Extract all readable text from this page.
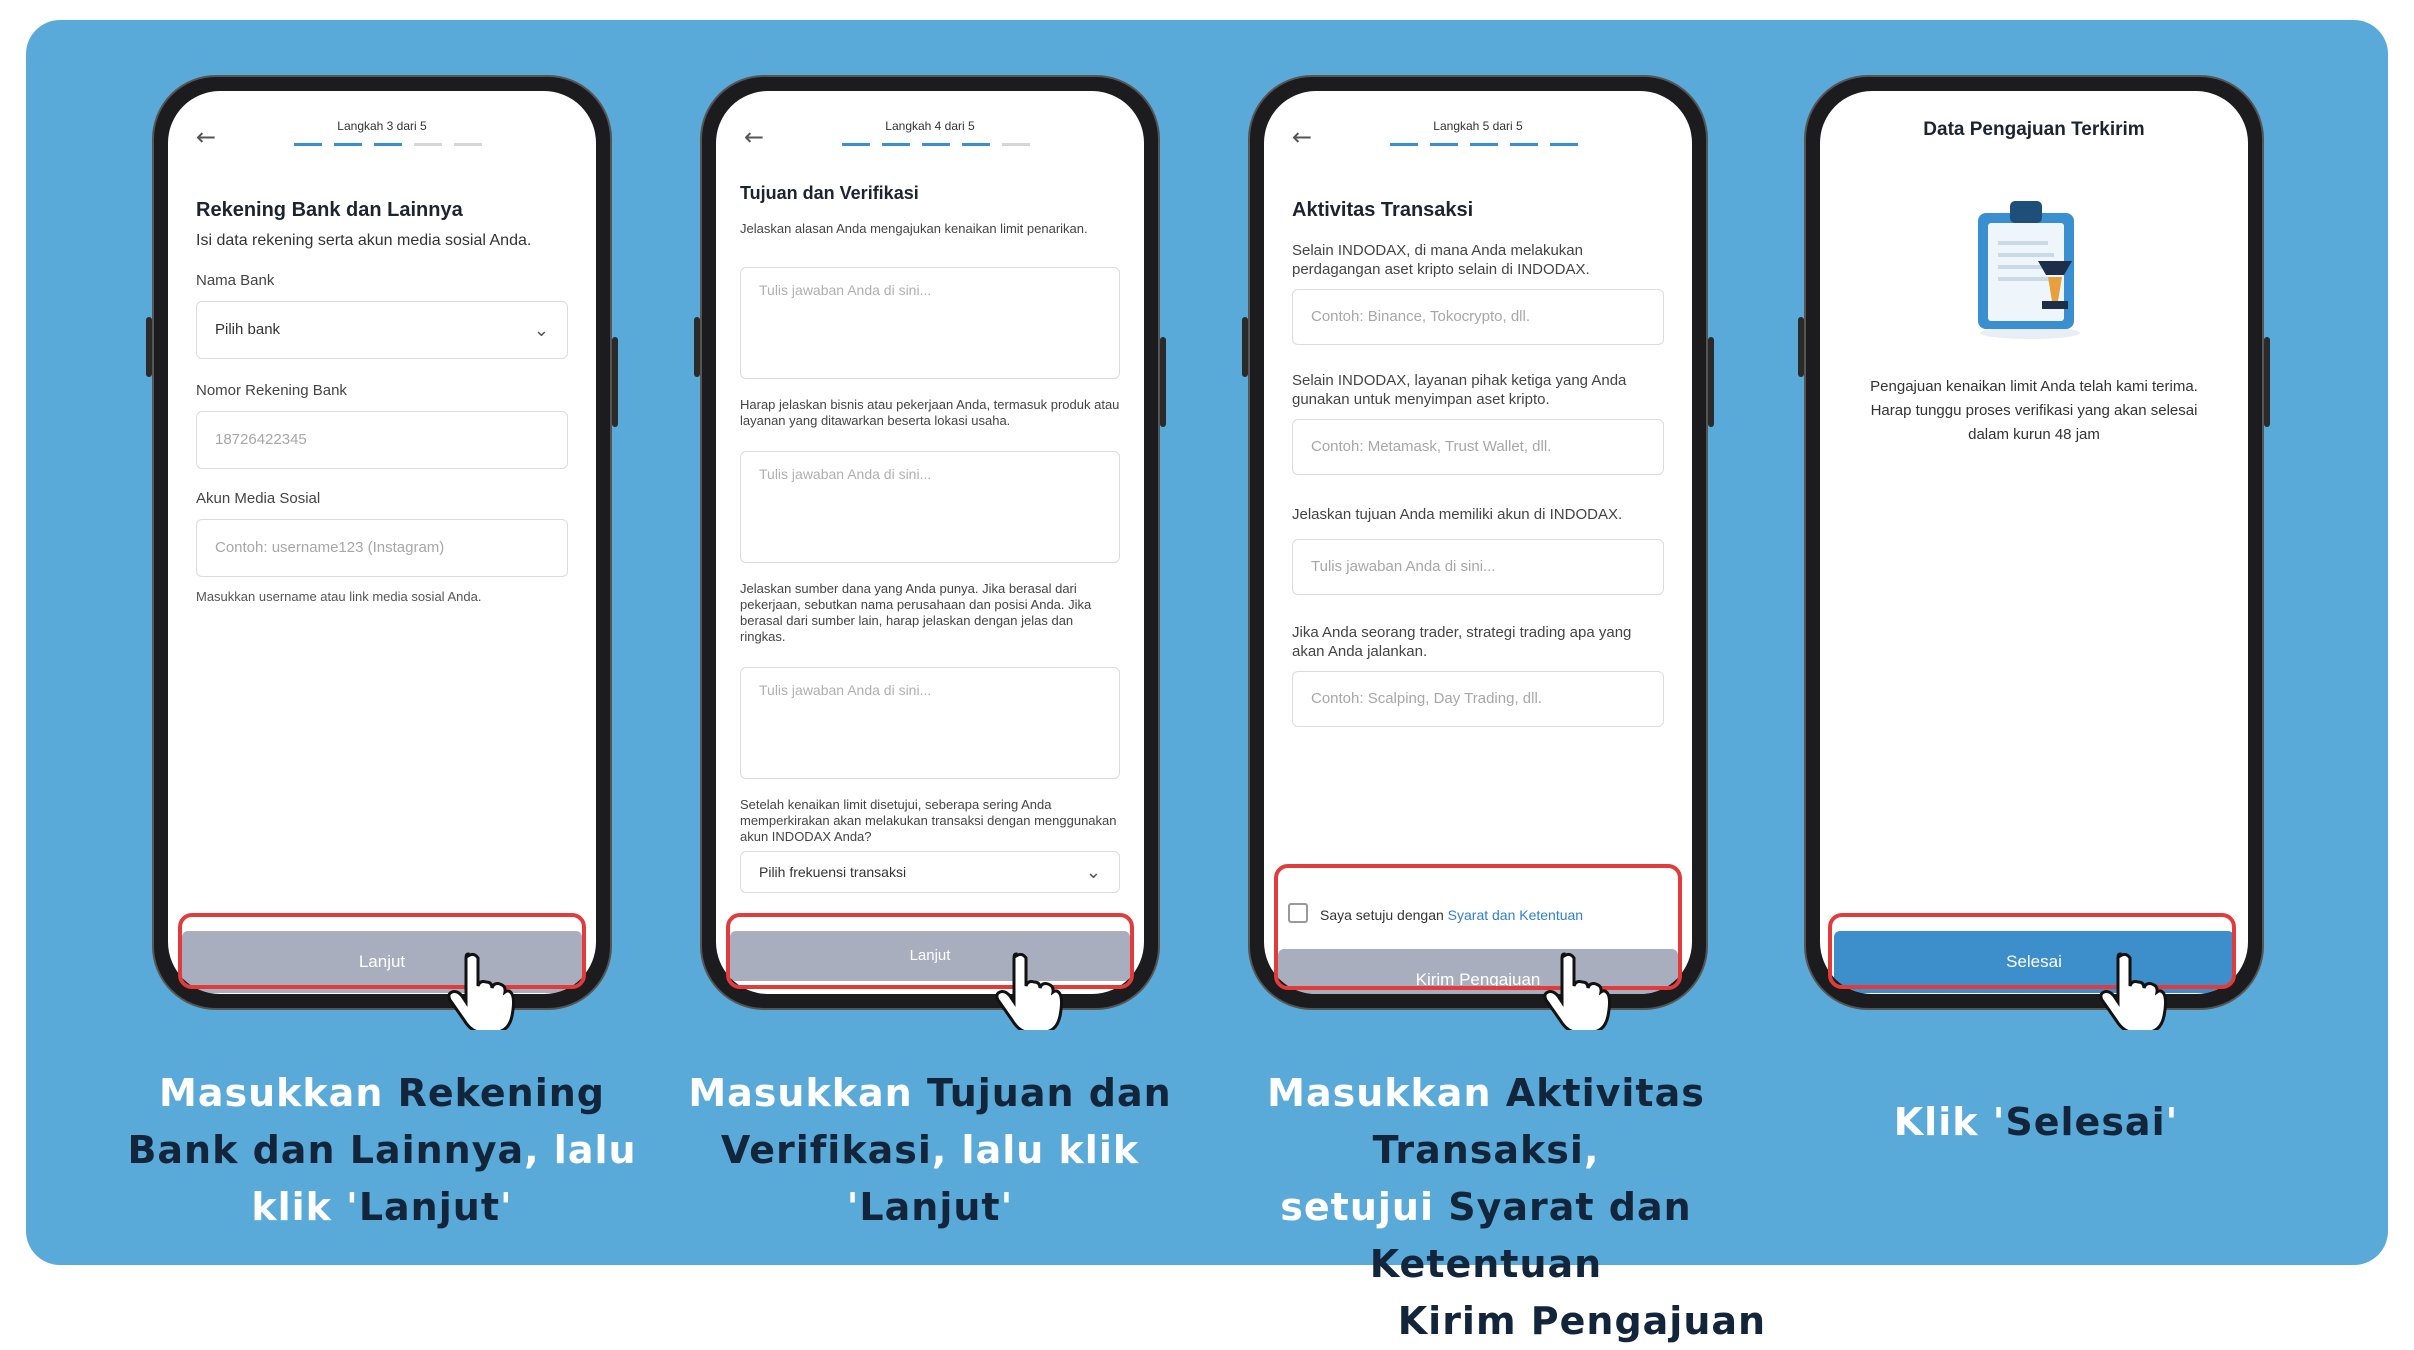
←	Langkah 3 dari 5
Rekening Bank dan Lainnya
Isi data rekening serta akun media sosial Anda.
Nama Bank
Pilih bank	⌄
Nomor Rekening Bank
18726422345
Akun Media Sosial
Contoh: username123 (Instagram)
Masukkan username atau link media sosial Anda.
Lanjut
←	Langkah 4 dari 5
Tujuan dan Verifikasi
Jelaskan alasan Anda mengajukan kenaikan limit penarikan.
Tulis jawaban Anda di sini...
Harap jelaskan bisnis atau pekerjaan Anda, termasuk produk atau layanan yang ditawarkan beserta lokasi usaha.
Tulis jawaban Anda di sini...
Jelaskan sumber dana yang Anda punya. Jika berasal dari pekerjaan, sebutkan nama perusahaan dan posisi Anda. Jika berasal dari sumber lain, harap jelaskan dengan jelas dan ringkas.
Tulis jawaban Anda di sini...
Setelah kenaikan limit disetujui, seberapa sering Anda memperkirakan akan melakukan transaksi dengan menggunakan akun INDODAX Anda?
Pilih frekuensi transaksi	⌄
Lanjut
←	Langkah 5 dari 5
Aktivitas Transaksi
Selain INDODAX, di mana Anda melakukan perdagangan aset kripto selain di INDODAX.
Contoh: Binance, Tokocrypto, dll.
Selain INDODAX, layanan pihak ketiga yang Anda gunakan untuk menyimpan aset kripto.
Contoh: Metamask, Trust Wallet, dll.
Jelaskan tujuan Anda memiliki akun di INDODAX.
Tulis jawaban Anda di sini...
Jika Anda seorang trader, strategi trading apa yang akan Anda jalankan.
Contoh: Scalping, Day Trading, dll.
Saya setuju dengan Syarat dan Ketentuan
Kirim Pengajuan
Data Pengajuan Terkirim
Pengajuan kenaikan limit Anda telah kami terima.
Harap tunggu proses verifikasi yang akan selesai
dalam kurun 48 jam
Selesai
Masukkan Rekening
Bank dan Lainnya, lalu
klik 'Lanjut'
Masukkan Tujuan dan
Verifikasi, lalu klik
'Lanjut'
Masukkan Aktivitas Transaksi,
setujui Syarat dan Ketentuan
lalu klik 'Kirim Pengajuan'
Klik 'Selesai'
